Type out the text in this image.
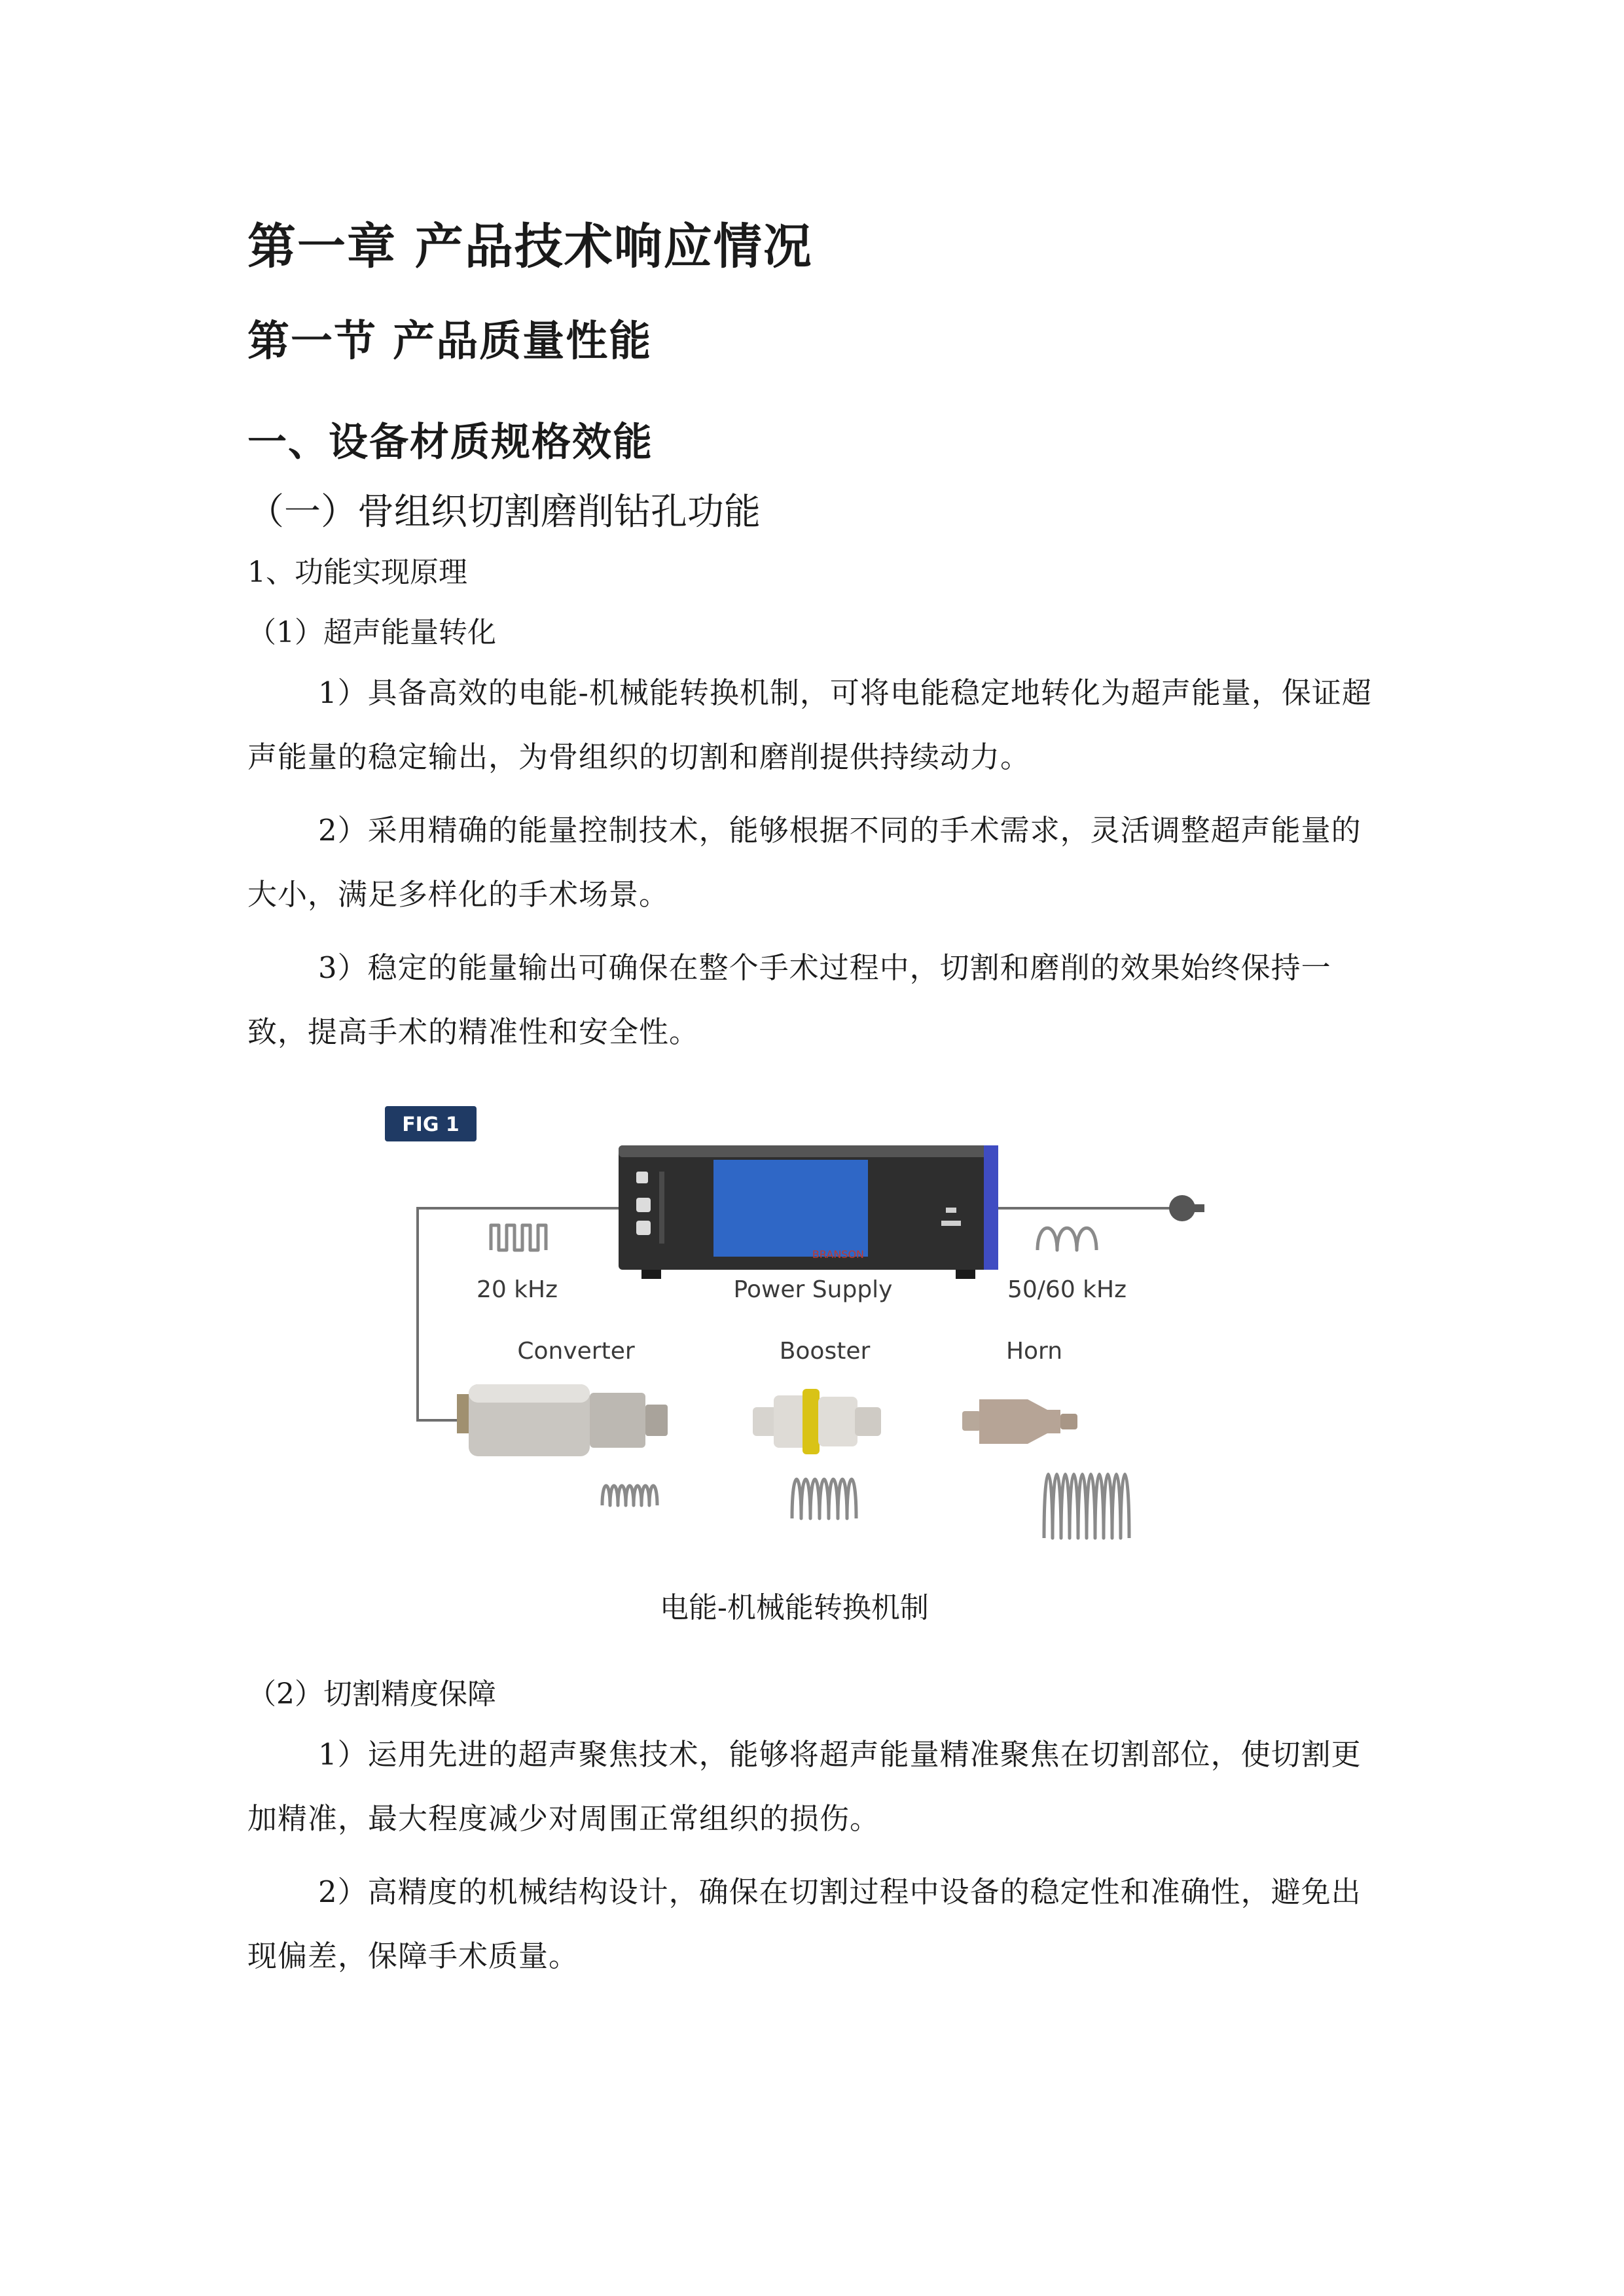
第一章 产品技术响应情况
第一节 产品质量性能
一、设备材质规格效能
（一）骨组织切割磨削钻孔功能
1、功能实现原理
（1）超声能量转化
1）具备高效的电能-机械能转换机制，可将电能稳定地转化为超声能量，保证超声能量的稳定输出，为骨组织的切割和磨削提供持续动力。
2）采用精确的能量控制技术，能够根据不同的手术需求，灵活调整超声能量的大小，满足多样化的手术场景。
3）稳定的能量输出可确保在整个手术过程中，切割和磨削的效果始终保持一致，提高手术的精准性和安全性。
FIG 1
BRANSON
20 kHz	Power Supply	50/60 kHz
Converter	Booster	Horn
电能-机械能转换机制
（2）切割精度保障
1）运用先进的超声聚焦技术，能够将超声能量精准聚焦在切割部位，使切割更加精准，最大程度减少对周围正常组织的损伤。
2）高精度的机械结构设计，确保在切割过程中设备的稳定性和准确性，避免出现偏差，保障手术质量。
